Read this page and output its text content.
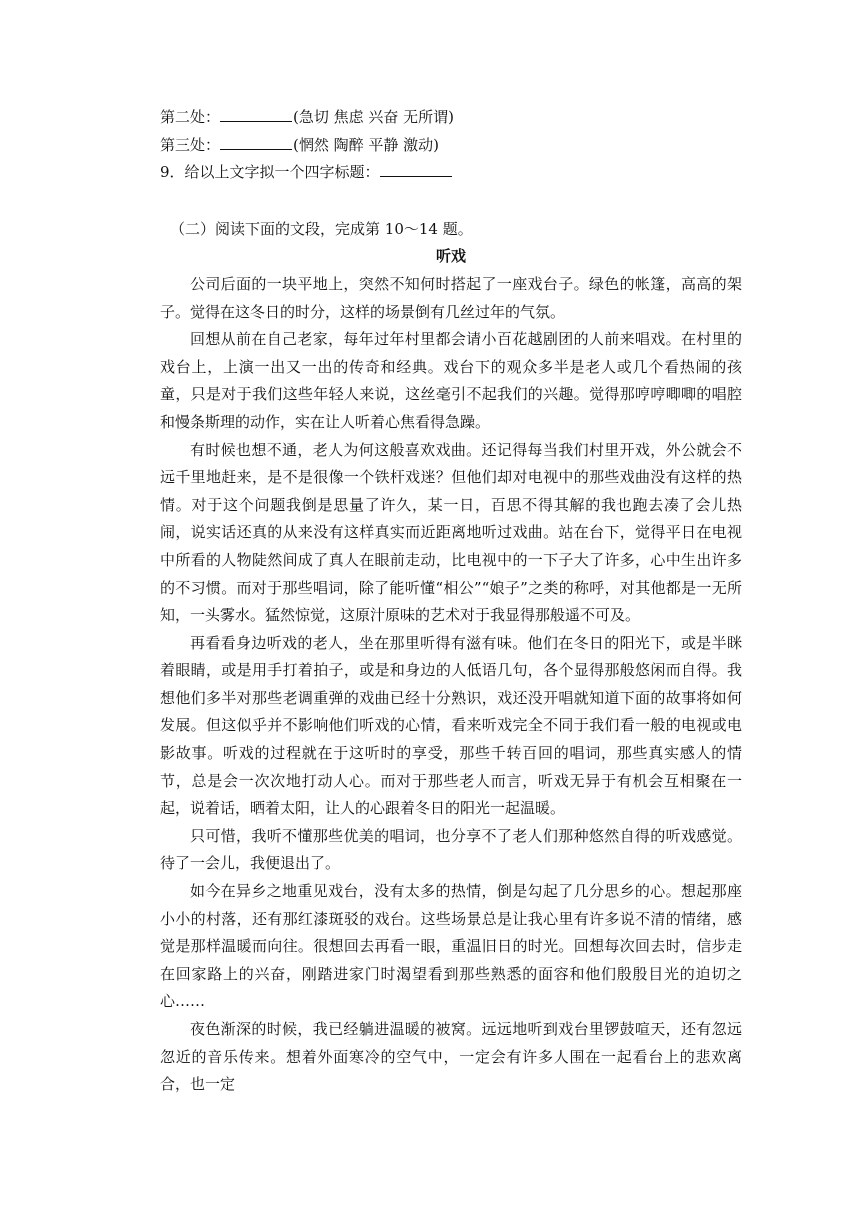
第二处：	(急切 焦虑 兴奋 无所谓)

第三处：	(惘然 陶醉 平静 激动)

9．给以上文字拟一个四字标题：

（二）阅读下面的文段，完成第 10～14 题。

听戏

公司后面的一块平地上，突然不知何时搭起了一座戏台子。绿色的帐篷，高高的架子。觉得在这冬日的时分，这样的场景倒有几丝过年的气氛。

回想从前在自己老家，每年过年村里都会请小百花越剧团的人前来唱戏。在村里的戏台上，上演一出又一出的传奇和经典。戏台下的观众多半是老人或几个看热闹的孩童，只是对于我们这些年轻人来说，这丝毫引不起我们的兴趣。觉得那哼哼唧唧的唱腔和慢条斯理的动作，实在让人听着心焦看得急躁。

有时候也想不通，老人为何这般喜欢戏曲。还记得每当我们村里开戏，外公就会不远千里地赶来，是不是很像一个铁杆戏迷？但他们却对电视中的那些戏曲没有这样的热情。对于这个问题我倒是思量了许久，某一日，百思不得其解的我也跑去凑了会儿热闹，说实话还真的从来没有这样真实而近距离地听过戏曲。站在台下，觉得平日在电视中所看的人物陡然间成了真人在眼前走动，比电视中的一下子大了许多，心中生出许多的不习惯。而对于那些唱词，除了能听懂“相公”“娘子”之类的称呼，对其他都是一无所知，一头雾水。猛然惊觉，这原汁原味的艺术对于我显得那般遥不可及。

再看看身边听戏的老人，坐在那里听得有滋有味。他们在冬日的阳光下，或是半眯着眼睛，或是用手打着拍子，或是和身边的人低语几句，各个显得那般悠闲而自得。我想他们多半对那些老调重弹的戏曲已经十分熟识，戏还没开唱就知道下面的故事将如何发展。但这似乎并不影响他们听戏的心情，看来听戏完全不同于我们看一般的电视或电影故事。听戏的过程就在于这听时的享受，那些千转百回的唱词，那些真实感人的情节，总是会一次次地打动人心。而对于那些老人而言，听戏无异于有机会互相聚在一起，说着话，晒着太阳，让人的心跟着冬日的阳光一起温暖。

只可惜，我听不懂那些优美的唱词，也分享不了老人们那种悠然自得的听戏感觉。待了一会儿，我便退出了。

如今在异乡之地重见戏台，没有太多的热情，倒是勾起了几分思乡的心。想起那座小小的村落，还有那红漆斑驳的戏台。这些场景总是让我心里有许多说不清的情绪，感觉是那样温暖而向往。很想回去再看一眼，重温旧日的时光。回想每次回去时，信步走在回家路上的兴奋，刚踏进家门时渴望看到那些熟悉的面容和他们殷殷目光的迫切之心……

夜色渐深的时候，我已经躺进温暖的被窝。远远地听到戏台里锣鼓喧天，还有忽远忽近的音乐传来。想着外面寒冷的空气中，一定会有许多人围在一起看台上的悲欢离合，也一定
